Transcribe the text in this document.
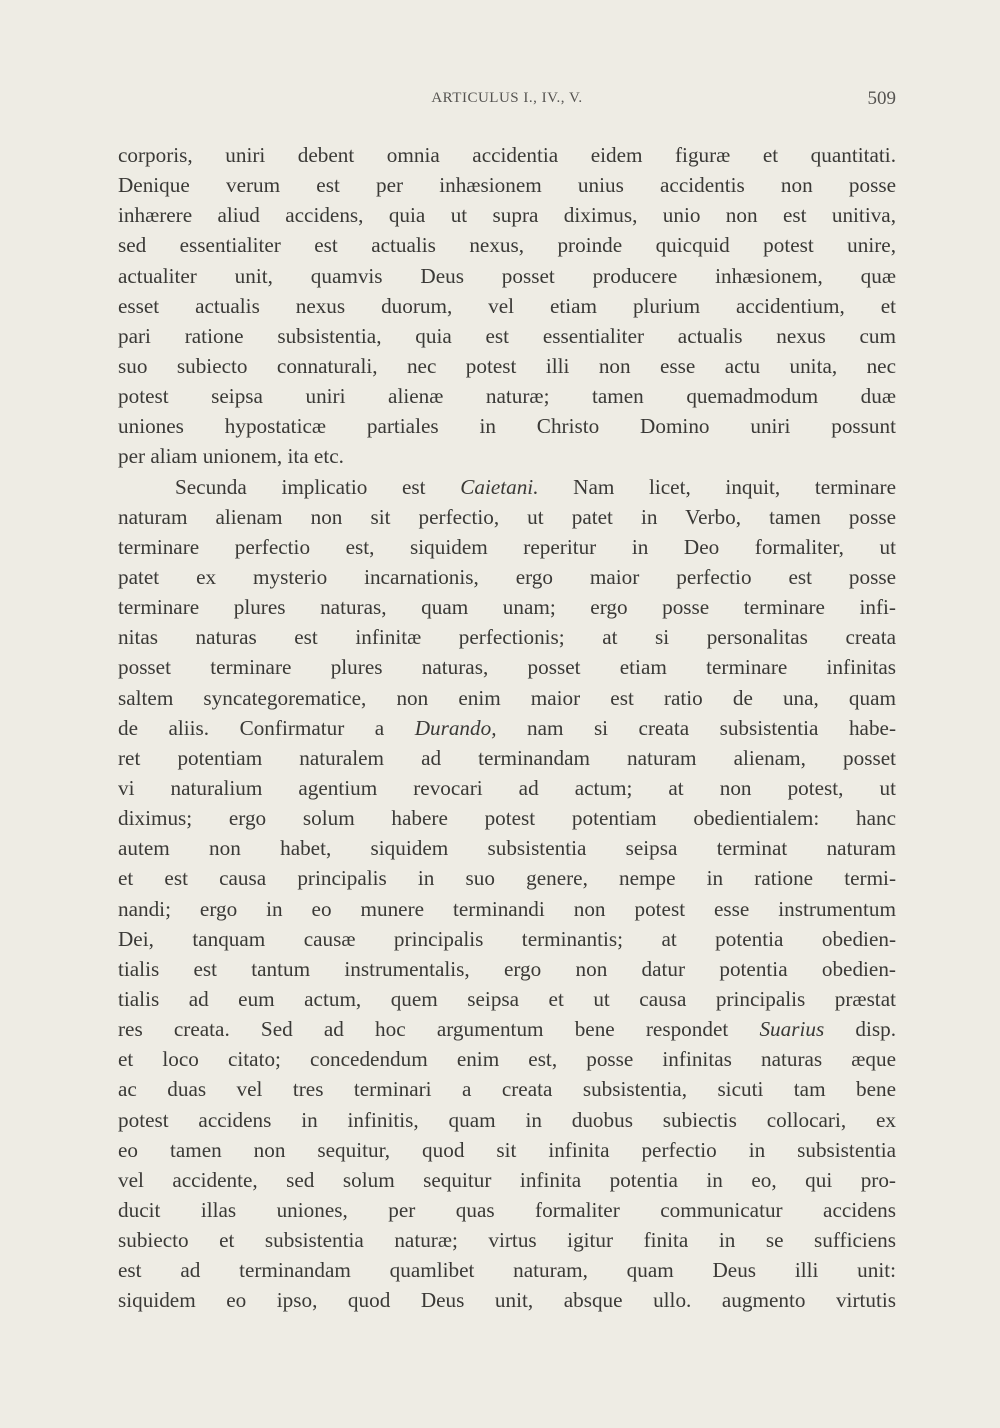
ARTICULUS I., IV., V.	509
corporis, uniri debent omnia accidentia eidem figuræ et quantitati.
Denique verum est per inhæsionem unius accidentis non posse
inhærere aliud accidens, quia ut supra diximus, unio non est unitiva,
sed essentialiter est actualis nexus, proinde quicquid potest unire,
actualiter unit, quamvis Deus posset producere inhæsionem, quæ
esset actualis nexus duorum, vel etiam plurium accidentium, et
pari ratione subsistentia, quia est essentialiter actualis nexus cum
suo subiecto connaturali, nec potest illi non esse actu unita, nec
potest seipsa uniri alienæ naturæ; tamen quemadmodum duæ
uniones hypostaticæ partiales in Christo Domino uniri possunt
per aliam unionem, ita etc.
Secunda implicatio est Caietani. Nam licet, inquit, terminare
naturam alienam non sit perfectio, ut patet in Verbo, tamen posse
terminare perfectio est, siquidem reperitur in Deo formaliter, ut
patet ex mysterio incarnationis, ergo maior perfectio est posse
terminare plures naturas, quam unam; ergo posse terminare infi-
nitas naturas est infinitæ perfectionis; at si personalitas creata
posset terminare plures naturas, posset etiam terminare infinitas
saltem syncategorematice, non enim maior est ratio de una, quam
de aliis. Confirmatur a Durando, nam si creata subsistentia habe-
ret potentiam naturalem ad terminandam naturam alienam, posset
vi naturalium agentium revocari ad actum; at non potest, ut
diximus; ergo solum habere potest potentiam obedientialem: hanc
autem non habet, siquidem subsistentia seipsa terminat naturam
et est causa principalis in suo genere, nempe in ratione termi-
nandi; ergo in eo munere terminandi non potest esse instrumentum
Dei, tanquam causæ principalis terminantis; at potentia obedien-
tialis est tantum instrumentalis, ergo non datur potentia obedien-
tialis ad eum actum, quem seipsa et ut causa principalis præstat
res creata. Sed ad hoc argumentum bene respondet Suarius disp.
et loco citato; concedendum enim est, posse infinitas naturas æque
ac duas vel tres terminari a creata subsistentia, sicuti tam bene
potest accidens in infinitis, quam in duobus subiectis collocari, ex
eo tamen non sequitur, quod sit infinita perfectio in subsistentia
vel accidente, sed solum sequitur infinita potentia in eo, qui pro-
ducit illas uniones, per quas formaliter communicatur accidens
subiecto et subsistentia naturæ; virtus igitur finita in se sufficiens
est ad terminandam quamlibet naturam, quam Deus illi unit:
siquidem eo ipso, quod Deus unit, absque ullo. augmento virtutis
